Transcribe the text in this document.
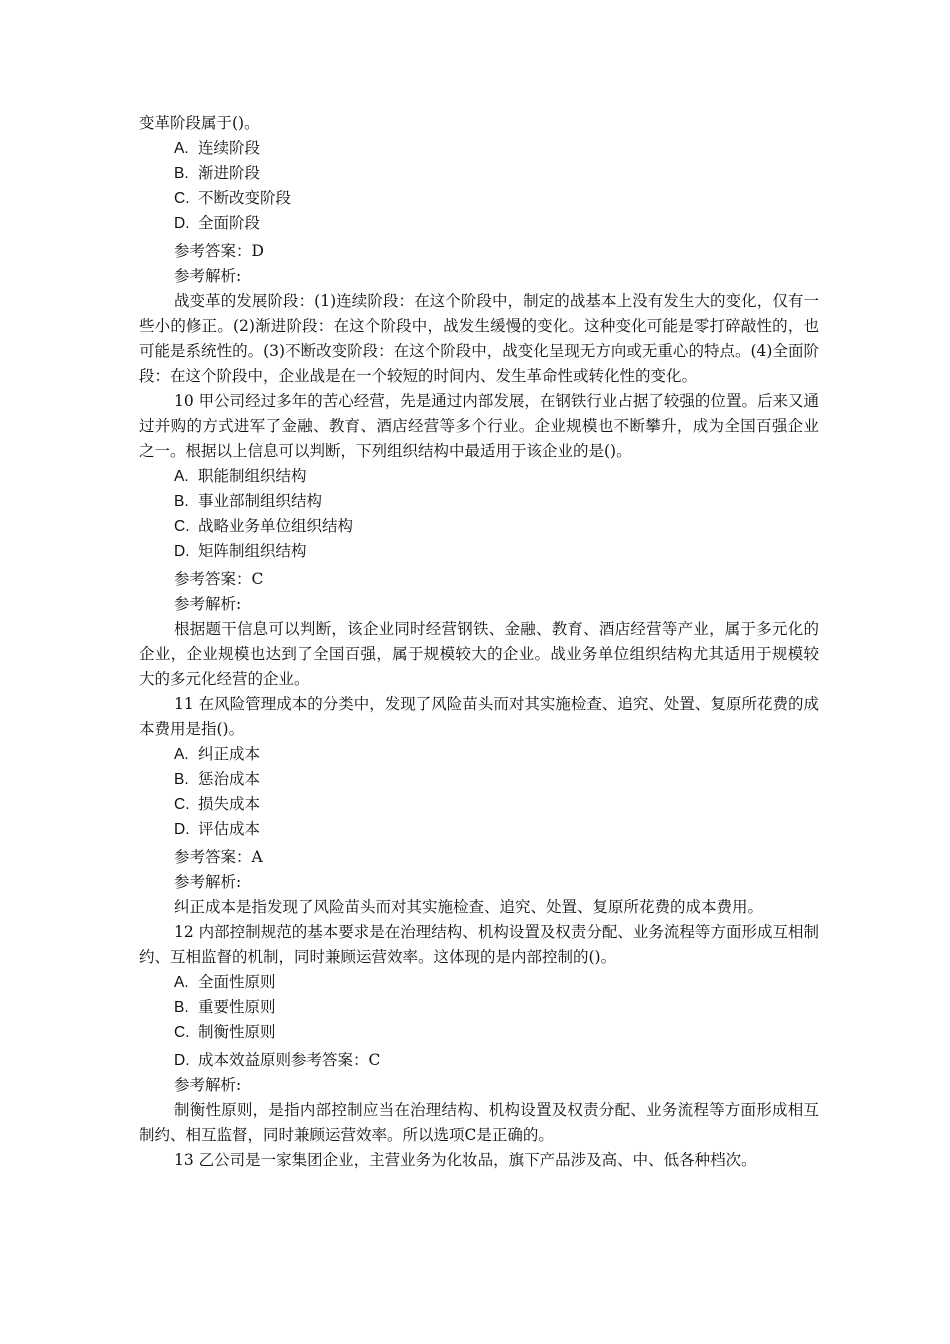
变革阶段属于()。
A. 连续阶段
B. 渐进阶段
C. 不断改变阶段
D. 全面阶段
参考答案：D
参考解析:
战变革的发展阶段：(1)连续阶段：在这个阶段中，制定的战基本上没有发生大的变化，仅有一些小的修正。(2)渐进阶段：在这个阶段中，战发生缓慢的变化。这种变化可能是零打碎敲性的，也可能是系统性的。(3)不断改变阶段：在这个阶段中，战变化呈现无方向或无重心的特点。(4)全面阶段：在这个阶段中，企业战是在一个较短的时间内、发生革命性或转化性的变化。
10 甲公司经过多年的苦心经营，先是通过内部发展，在钢铁行业占据了较强的位置。后来又通过并购的方式进军了金融、教育、酒店经营等多个行业。企业规模也不断攀升，成为全国百强企业之一。根据以上信息可以判断，下列组织结构中最适用于该企业的是()。
A. 职能制组织结构
B. 事业部制组织结构
C. 战略业务单位组织结构
D. 矩阵制组织结构
参考答案：C
参考解析:
根据题干信息可以判断，该企业同时经营钢铁、金融、教育、酒店经营等产业，属于多元化的企业，企业规模也达到了全国百强，属于规模较大的企业。战业务单位组织结构尤其适用于规模较大的多元化经营的企业。
11 在风险管理成本的分类中，发现了风险苗头而对其实施检查、追究、处置、复原所花费的成本费用是指()。
A. 纠正成本
B. 惩治成本
C. 损失成本
D. 评估成本
参考答案：A
参考解析:
纠正成本是指发现了风险苗头而对其实施检查、追究、处置、复原所花费的成本费用。
12 内部控制规范的基本要求是在治理结构、机构设置及权责分配、业务流程等方面形成互相制约、互相监督的机制，同时兼顾运营效率。这体现的是内部控制的()。
A. 全面性原则
B. 重要性原则
C. 制衡性原则
D. 成本效益原则参考答案：C
参考解析:
制衡性原则，是指内部控制应当在治理结构、机构设置及权责分配、业务流程等方面形成相互制约、相互监督，同时兼顾运营效率。所以选项C是正确的。
13 乙公司是一家集团企业，主营业务为化妆品，旗下产品涉及高、中、低各种档次。
